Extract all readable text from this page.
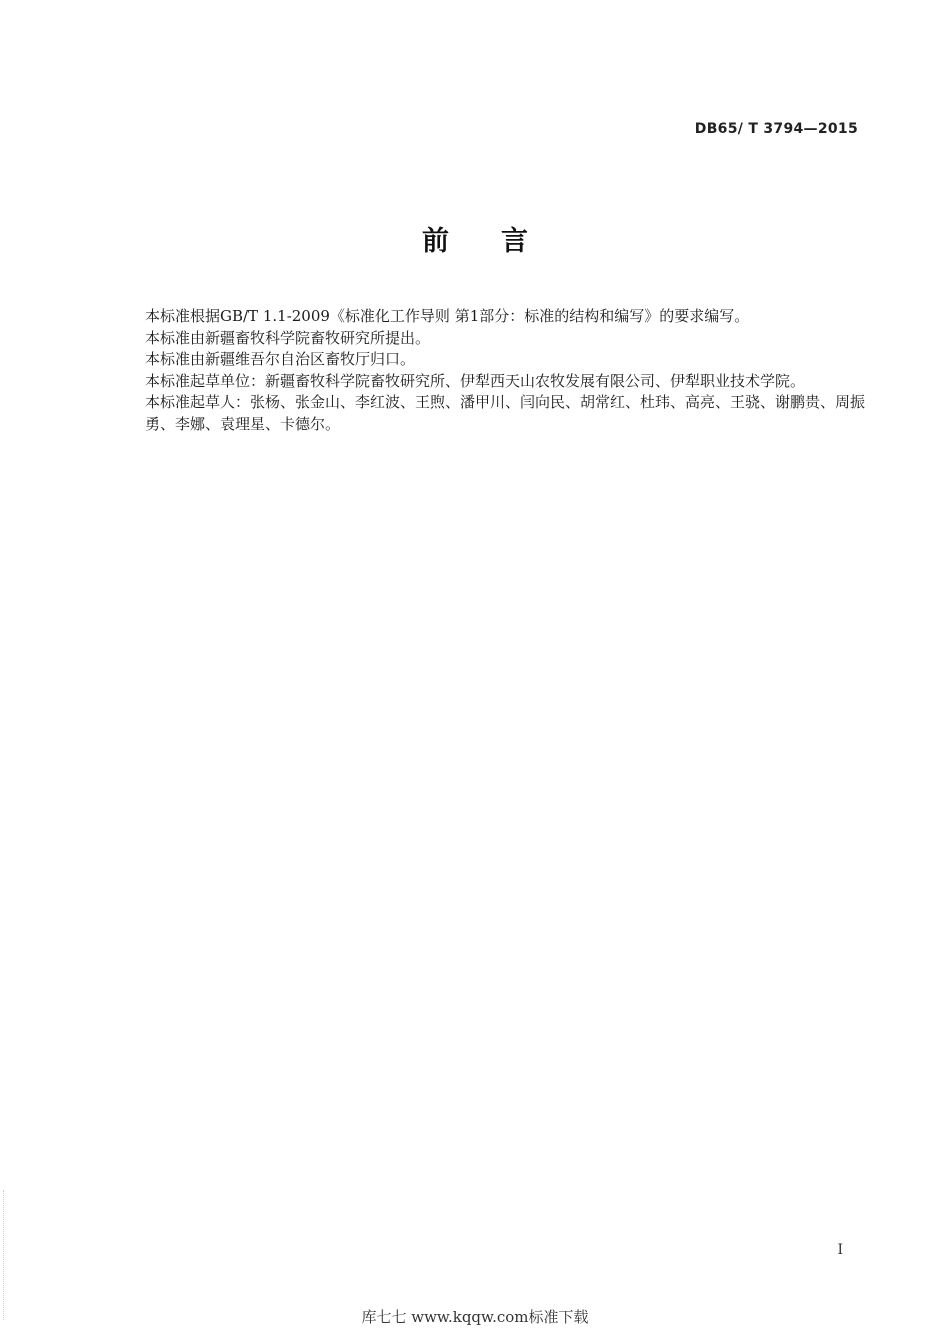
DB65/ T 3794—2015
前言

本标准根据GB/T 1.1-2009《标准化工作导则 第1部分：标准的结构和编写》的要求编写。

本标准由新疆畜牧科学院畜牧研究所提出。

本标准由新疆维吾尔自治区畜牧厅归口。

本标准起草单位：新疆畜牧科学院畜牧研究所、伊犁西天山农牧发展有限公司、伊犁职业技术学院。

本标准起草人：张杨、张金山、李红波、王煦、潘甲川、闫向民、胡常红、杜玮、高亮、王骁、谢鹏贵、周振勇、李娜、袁理星、卡德尔。

I
库七七 www.kqqw.com标准下载
